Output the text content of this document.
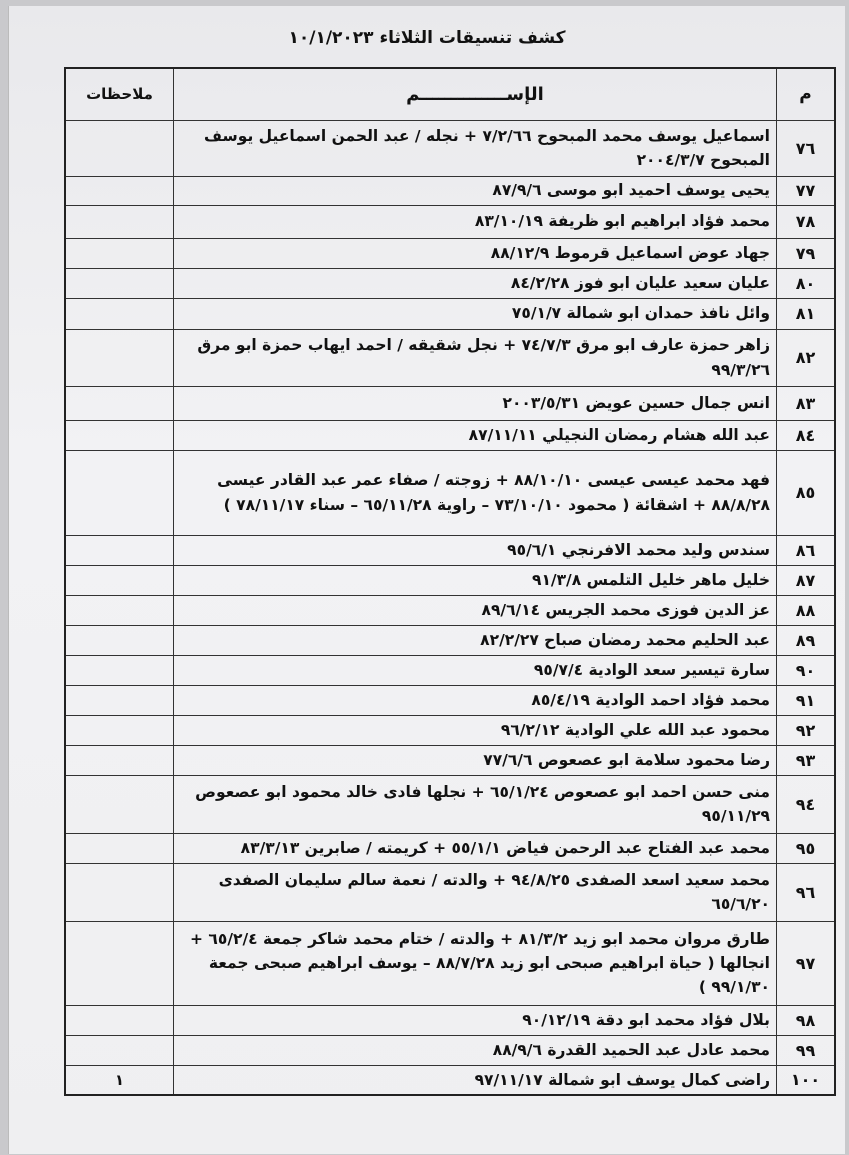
كشف تنسيقات الثلاثاء ١٠/١/٢٠٢٣
م	الإســــــــــــــم	ملاحظات
٧٦	اسماعيل يوسف محمد المبحوح ٧/٢/٦٦ + نجله / عبد الحمن اسماعيل يوسف المبحوح ٢٠٠٤/٣/٧	
٧٧	يحيى يوسف احميد ابو موسى ٨٧/٩/٦	
٧٨	محمد فؤاد ابراهيم ابو ظريفة ٨٣/١٠/١٩	
٧٩	جهاد عوض اسماعيل قرموط ٨٨/١٢/٩	
٨٠	عليان سعيد عليان ابو فوز ٨٤/٢/٢٨	
٨١	وائل نافذ حمدان ابو شمالة ٧٥/١/٧	
٨٢	زاهر حمزة عارف ابو مرق ٧٤/٧/٣ + نجل شقيقه / احمد ايهاب حمزة ابو مرق ٩٩/٣/٢٦	
٨٣	انس جمال حسين عويض ٢٠٠٣/٥/٣١	
٨٤	عبد الله هشام رمضان النجيلي ٨٧/١١/١١	
٨٥	فهد محمد عيسى عيسى ٨٨/١٠/١٠ + زوجته / صفاء عمر عبد القادر عيسى ٨٨/٨/٢٨ + اشقائة ( محمود ٧٣/١٠/١٠ – راوية ٦٥/١١/٢٨ – سناء ٧٨/١١/١٧ )	
٨٦	سندس وليد محمد الافرنجي ٩٥/٦/١	
٨٧	خليل ماهر خليل التلمس ٩١/٣/٨	
٨٨	عز الدين فوزى محمد الجريس ٨٩/٦/١٤	
٨٩	عبد الحليم محمد رمضان صباح ٨٢/٢/٢٧	
٩٠	سارة تيسير سعد الوادية ٩٥/٧/٤	
٩١	محمد فؤاد احمد الوادية ٨٥/٤/١٩	
٩٢	محمود عبد الله علي الوادية ٩٦/٢/١٢	
٩٣	رضا محمود سلامة ابو عصعوص ٧٧/٦/٦	
٩٤	منى حسن احمد ابو عصعوص ٦٥/١/٢٤ + نجلها فادى خالد محمود ابو عصعوص ٩٥/١١/٢٩	
٩٥	محمد عبد الفتاح عبد الرحمن فياض ٥٥/١/١ + كريمته / صابرين ٨٣/٣/١٣	
٩٦	محمد سعيد اسعد الصفدى ٩٤/٨/٢٥ + والدته / نعمة سالم سليمان الصفدى ٦٥/٦/٢٠	
٩٧	طارق مروان محمد ابو زيد ٨١/٣/٢ + والدته / ختام محمد شاكر جمعة ٦٥/٢/٤ + انجالها ( حياة ابراهيم صبحى ابو زيد ٨٨/٧/٢٨ – يوسف ابراهيم صبحى جمعة ٩٩/١/٣٠ )	
٩٨	بلال فؤاد محمد ابو دقة ٩٠/١٢/١٩	
٩٩	محمد عادل عبد الحميد القدرة ٨٨/٩/٦	
١٠٠	راضى كمال يوسف ابو شمالة ٩٧/١١/١٧	١
